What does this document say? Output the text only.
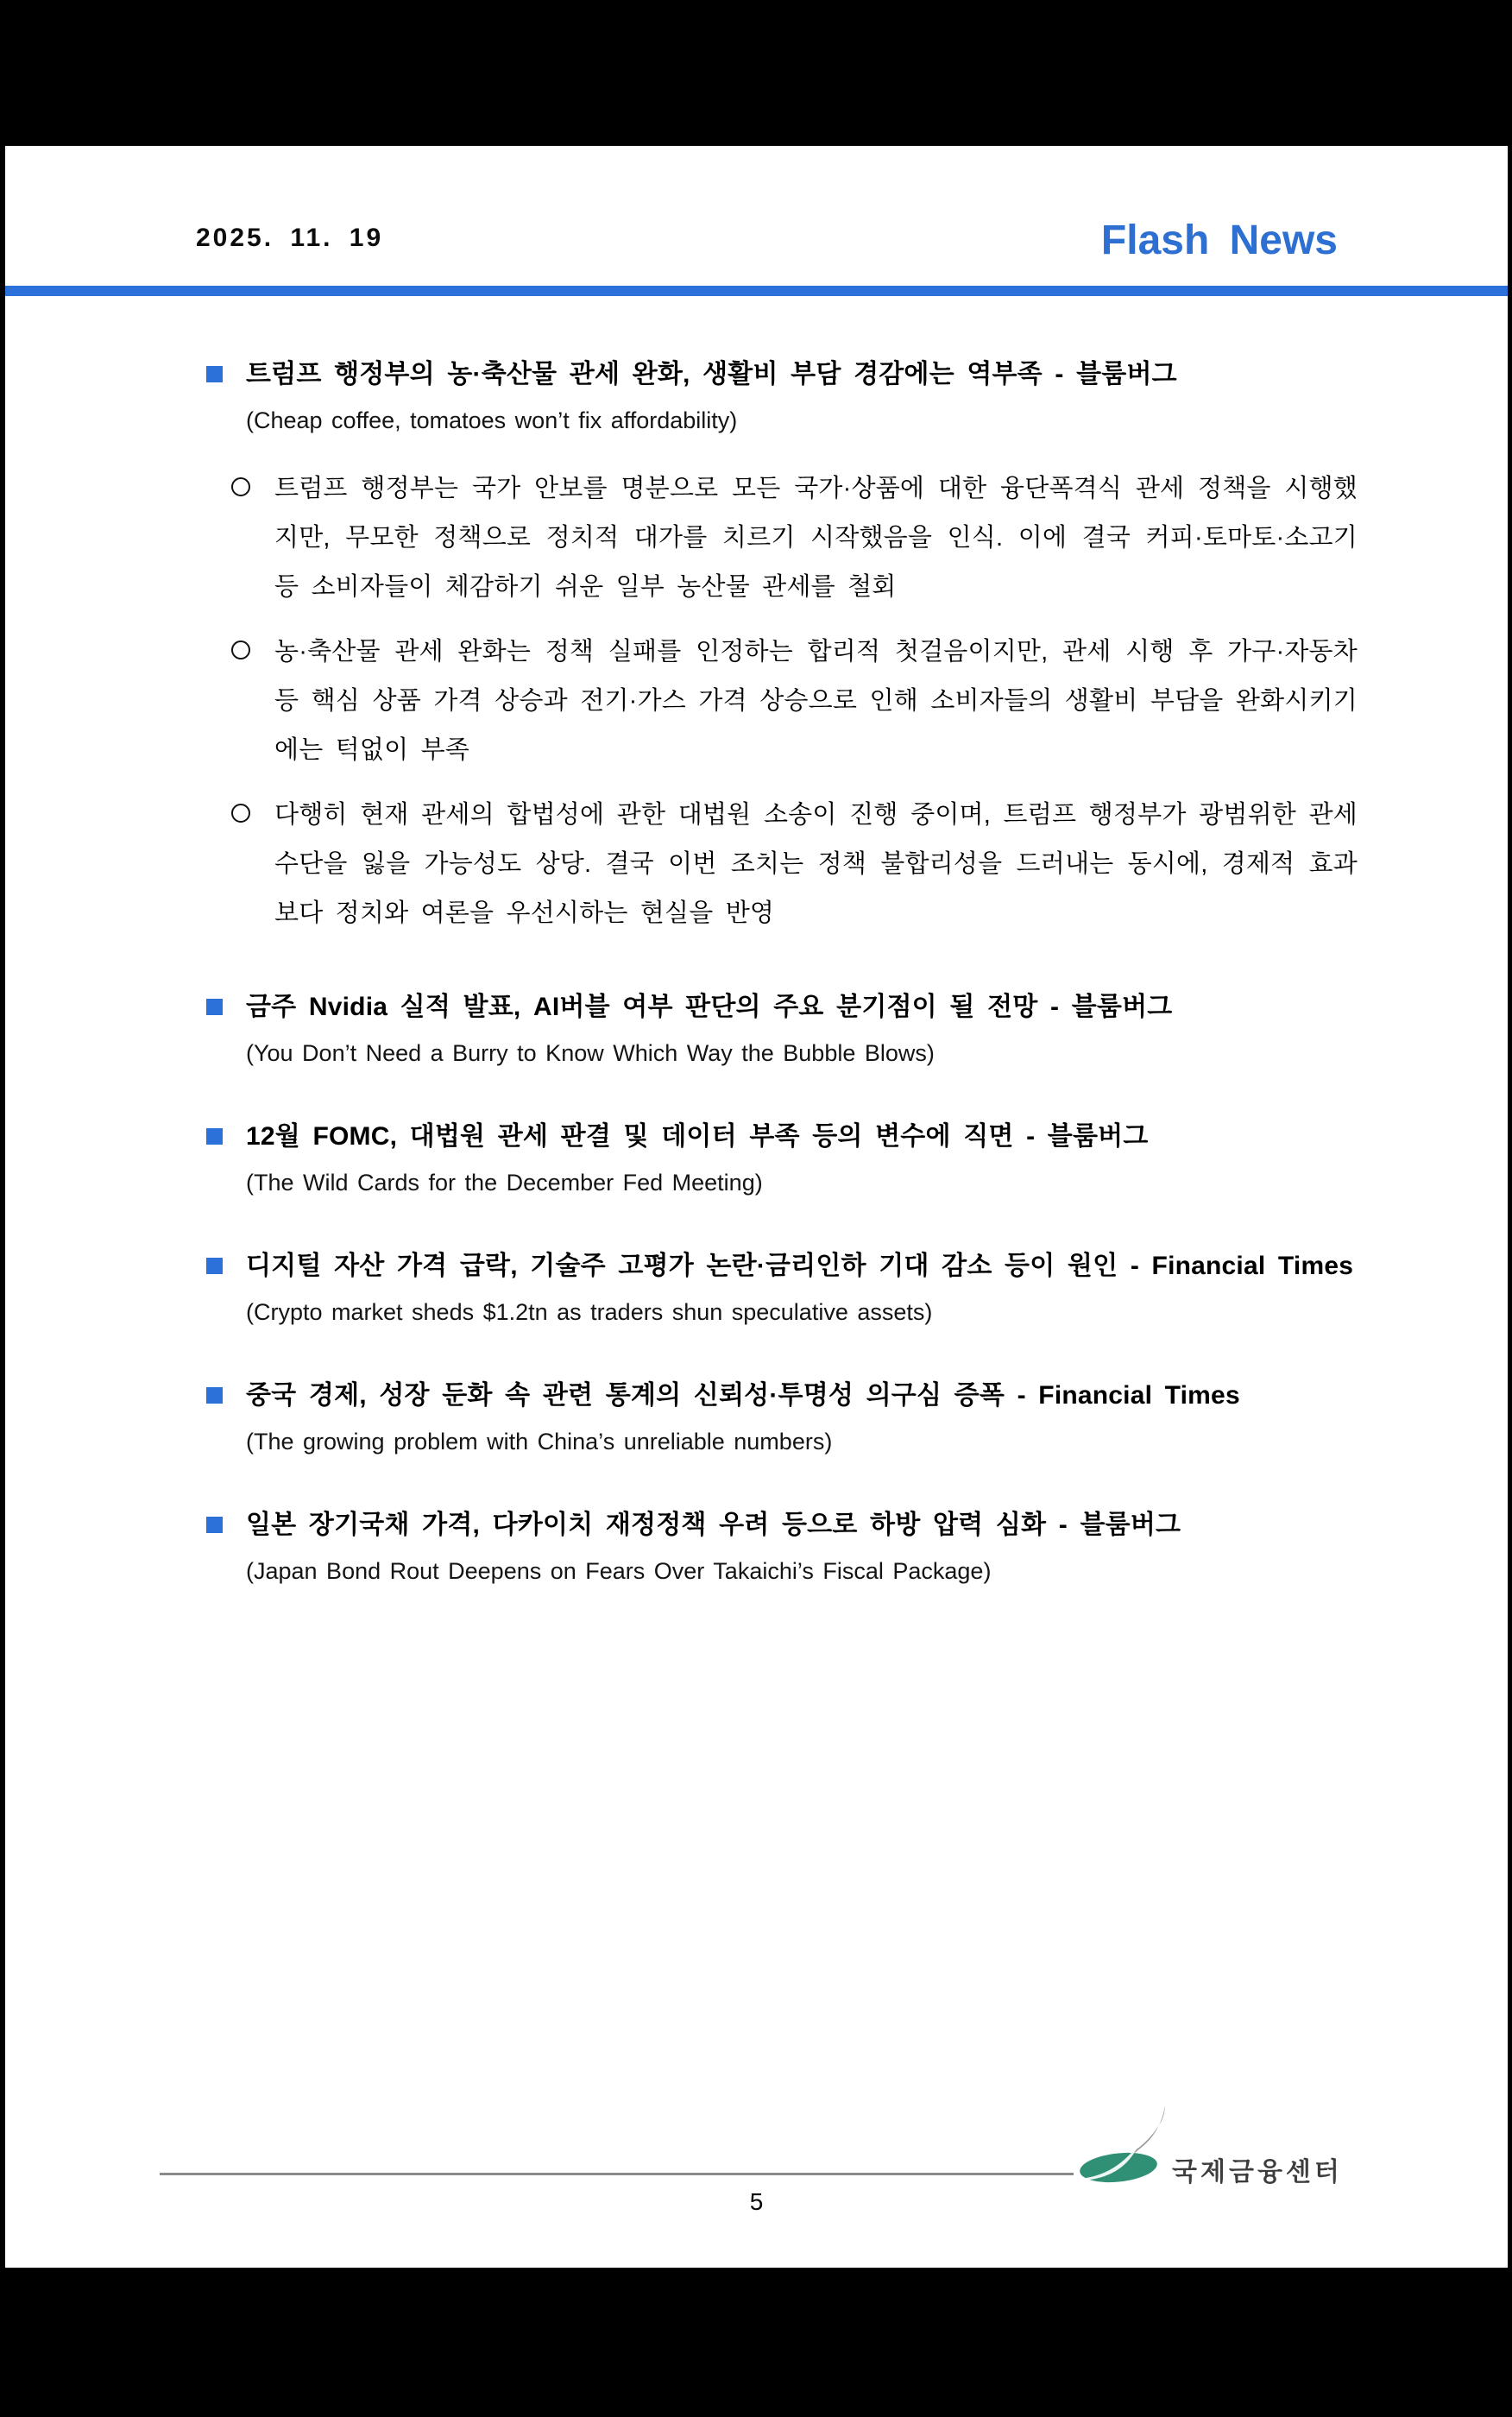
2025. 11. 19	Flash News
트럼프 행정부의 농·축산물 관세 완화, 생활비 부담 경감에는 역부족 - 블룸버그
(Cheap coffee, tomatoes won’t fix affordability)

트럼프 행정부는 국가 안보를 명분으로 모든 국가·상품에 대한 융단폭격식 관세 정책을 시행했지만, 무모한 정책으로 정치적 대가를 치르기 시작했음을 인식. 이에 결국 커피·토마토·소고기 등 소비자들이 체감하기 쉬운 일부 농산물 관세를 철회

농·축산물 관세 완화는 정책 실패를 인정하는 합리적 첫걸음이지만, 관세 시행 후 가구·자동차 등 핵심 상품 가격 상승과 전기·가스 가격 상승으로 인해 소비자들의 생활비 부담을 완화시키기에는 턱없이 부족

다행히 현재 관세의 합법성에 관한 대법원 소송이 진행 중이며, 트럼프 행정부가 광범위한 관세 수단을 잃을 가능성도 상당. 결국 이번 조치는 정책 불합리성을 드러내는 동시에, 경제적 효과보다 정치와 여론을 우선시하는 현실을 반영

금주 Nvidia 실적 발표, AI버블 여부 판단의 주요 분기점이 될 전망 - 블룸버그
(You Don’t Need a Burry to Know Which Way the Bubble Blows)
12월 FOMC, 대법원 관세 판결 및 데이터 부족 등의 변수에 직면 - 블룸버그
(The Wild Cards for the December Fed Meeting)
디지털 자산 가격 급락, 기술주 고평가 논란·금리인하 기대 감소 등이 원인 - Financial Times
(Crypto market sheds $1.2tn as traders shun speculative assets)
중국 경제, 성장 둔화 속 관련 통계의 신뢰성·투명성 의구심 증폭 - Financial Times
(The growing problem with China’s unreliable numbers)
일본 장기국채 가격, 다카이치 재정정책 우려 등으로 하방 압력 심화 - 블룸버그
(Japan Bond Rout Deepens on Fears Over Takaichi’s Fiscal Package)
국제금융센터
5
